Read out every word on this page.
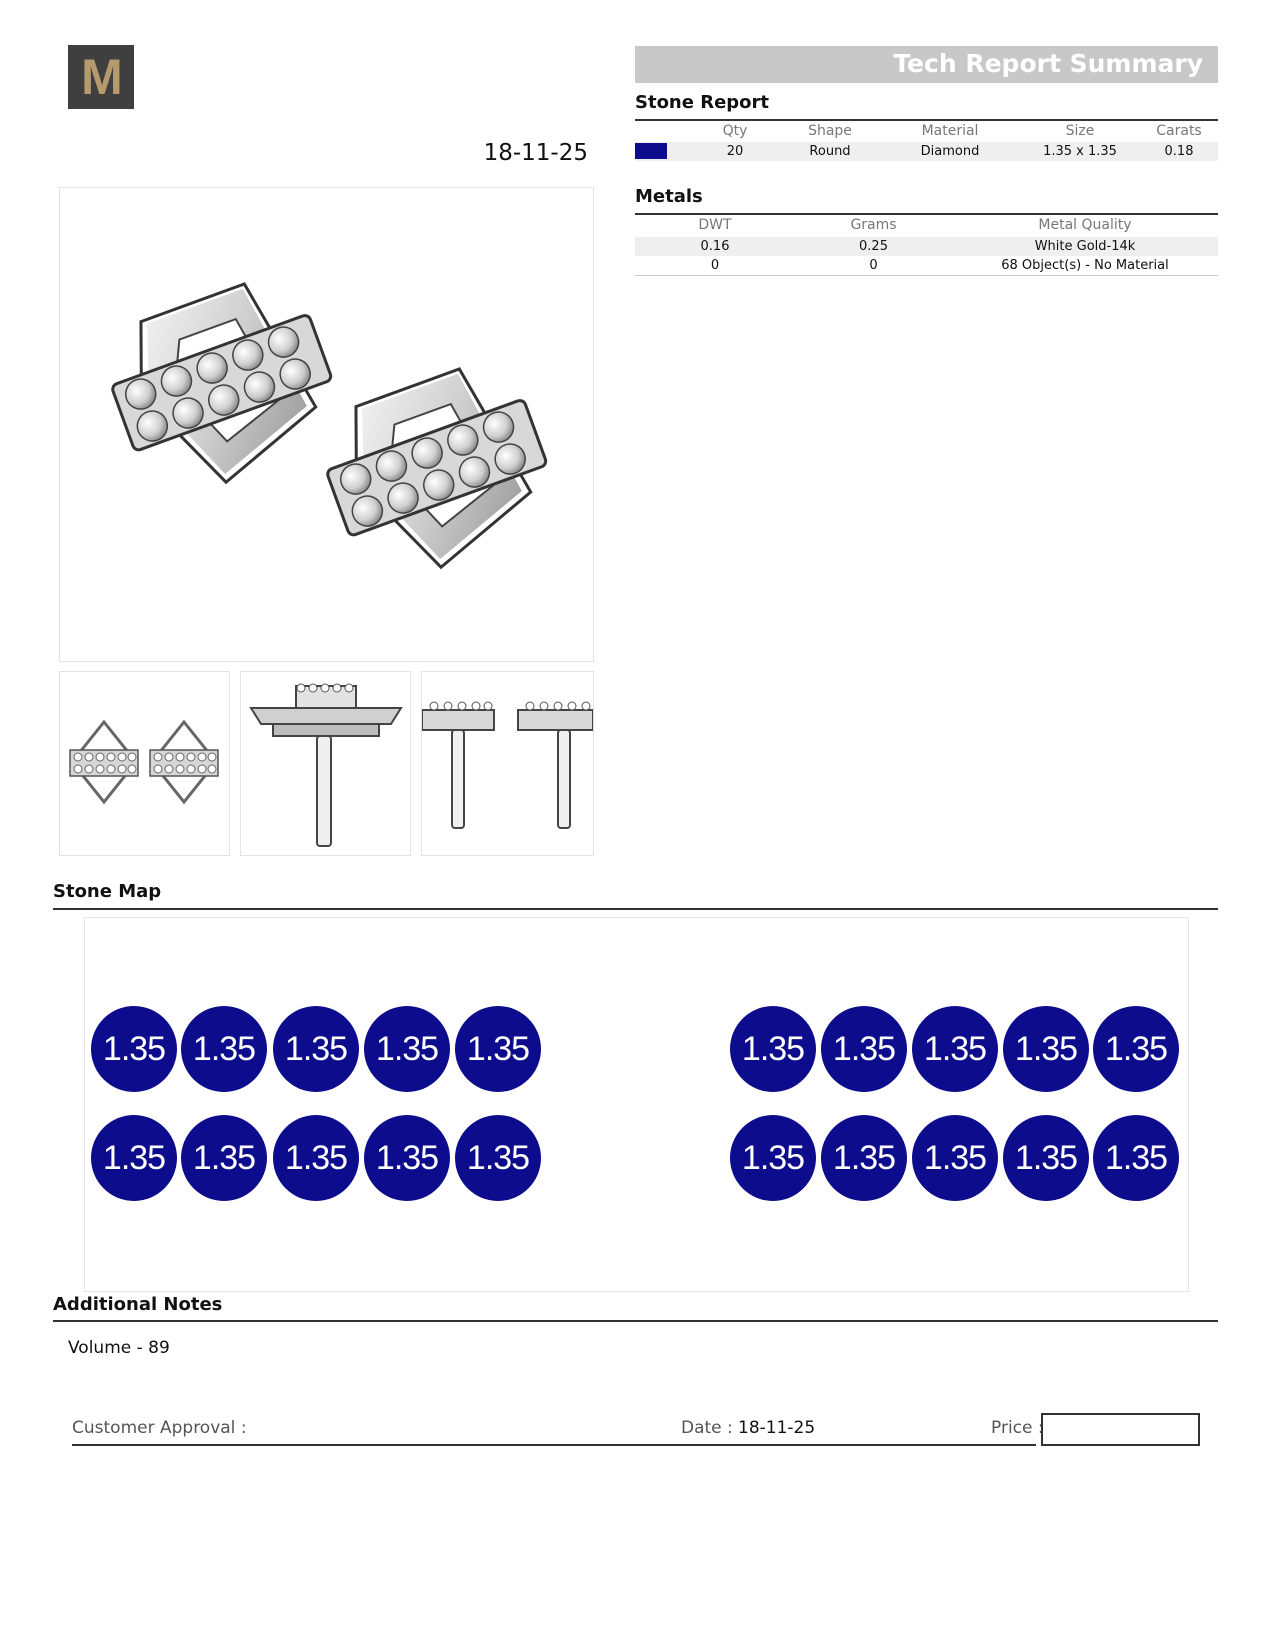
M
18-11-25
Tech Report Summary
Stone Report
Qty	Shape	Material	Size	Carats
20	Round	Diamond	1.35 x 1.35	0.18
Metals
DWT	Grams	Metal Quality
0.16	0.25	White Gold-14k
0	0	68 Object(s) - No Material
Stone Map
1.35 1.35 1.35 1.35 1.35
1.35 1.35 1.35 1.35 1.35
1.35 1.35 1.35 1.35 1.35
1.35 1.35 1.35 1.35 1.35
Additional Notes
Volume - 89
Customer Approval :	Date : 18-11-25	Price :
